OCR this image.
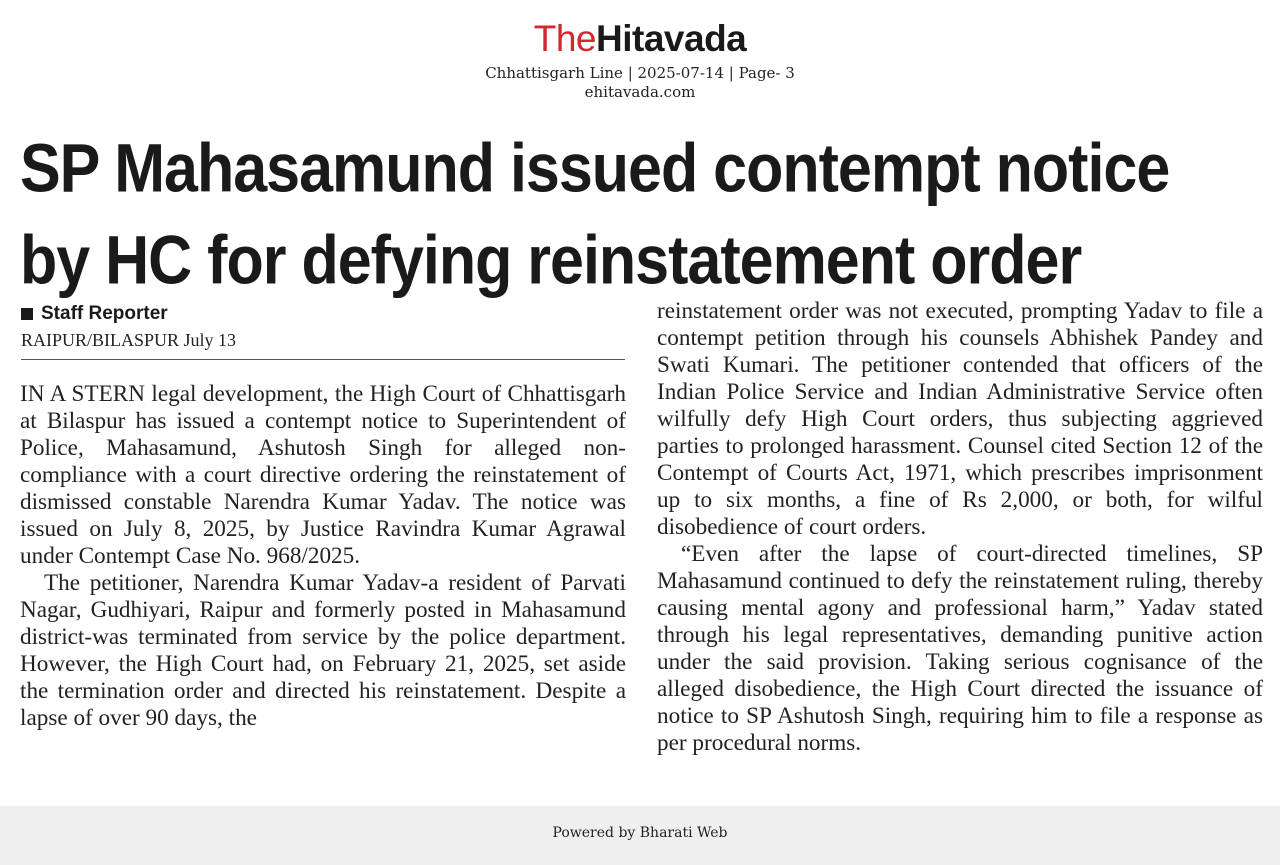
TheHitavada
Chhattisgarh Line | 2025-07-14 | Page- 3
ehitavada.com
SP Mahasamund issued contempt notice
by HC for defying reinstatement order
Staff Reporter
RAIPUR/BILASPUR July 13

IN A STERN legal development, the High Court of Chhattisgarh at Bilaspur has issued a contempt notice to Superintendent of Police, Mahasamund, Ashutosh Singh for alleged non-compliance with a court directive ordering the reinstatement of dismissed constable Narendra Kumar Yadav. The notice was issued on July 8, 2025, by Justice Ravindra Kumar Agrawal under Contempt Case No. 968/2025.

The petitioner, Narendra Kumar Yadav-a resident of Parvati Nagar, Gudhiyari, Raipur and formerly posted in Mahasamund district-was terminated from service by the police department. However, the High Court had, on February 21, 2025, set aside the termination order and directed his reinstatement. Despite a lapse of over 90 days, the

reinstatement order was not executed, prompting Yadav to file a contempt petition through his counsels Abhishek Pandey and Swati Kumari. The petitioner contended that officers of the Indian Police Service and Indian Administrative Service often wilfully defy High Court orders, thus subjecting aggrieved parties to prolonged harassment. Counsel cited Section 12 of the Contempt of Courts Act, 1971, which prescribes imprisonment up to six months, a fine of Rs 2,000, or both, for wilful disobedience of court orders.

“Even after the lapse of court-directed timelines, SP Mahasamund continued to defy the reinstatement ruling, thereby causing mental agony and professional harm,” Yadav stated through his legal representatives, demanding punitive action under the said provision. Taking serious cognisance of the alleged disobedience, the High Court directed the issuance of notice to SP Ashutosh Singh, requiring him to file a response as per procedural norms.

Powered by Bharati Web
